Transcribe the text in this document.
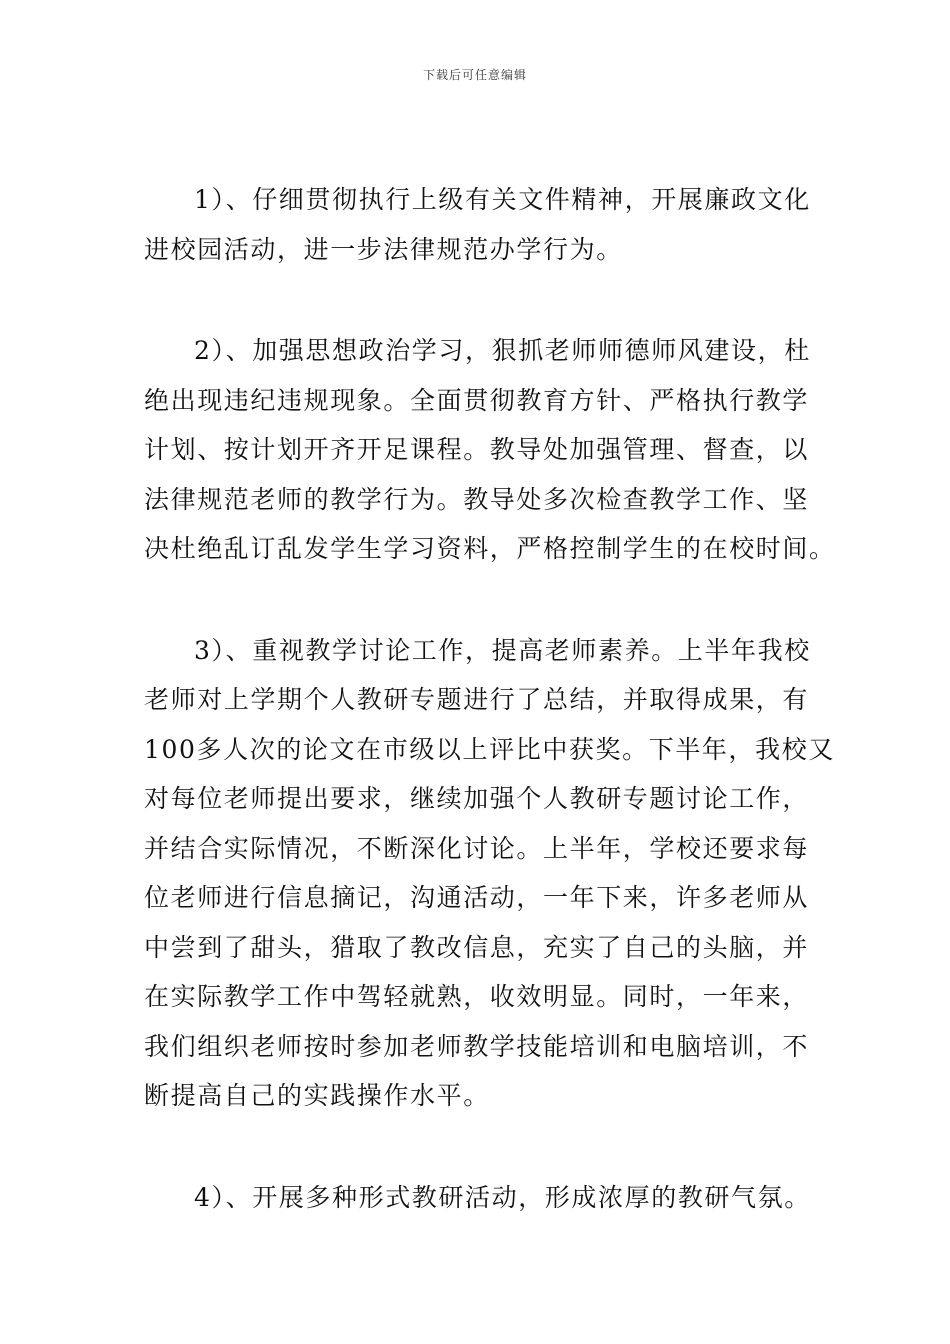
下载后可任意编辑

1）、仔细贯彻执行上级有关文件精神，开展廉政文化
进校园活动，进一步法律规范办学行为。

2）、加强思想政治学习，狠抓老师师德师风建设，杜
绝出现违纪违规现象。全面贯彻教育方针、严格执行教学
计划、按计划开齐开足课程。教导处加强管理、督查，以
法律规范老师的教学行为。教导处多次检查教学工作、坚
决杜绝乱订乱发学生学习资料，严格控制学生的在校时间。

3）、重视教学讨论工作，提高老师素养。上半年我校
老师对上学期个人教研专题进行了总结，并取得成果，有
100多人次的论文在市级以上评比中获奖。下半年，我校又
对每位老师提出要求，继续加强个人教研专题讨论工作，
并结合实际情况，不断深化讨论。上半年，学校还要求每
位老师进行信息摘记，沟通活动，一年下来，许多老师从
中尝到了甜头，猎取了教改信息，充实了自己的头脑，并
在实际教学工作中驾轻就熟，收效明显。同时，一年来，
我们组织老师按时参加老师教学技能培训和电脑培训，不
断提高自己的实践操作水平。

4）、开展多种形式教研活动，形成浓厚的教研气氛。
